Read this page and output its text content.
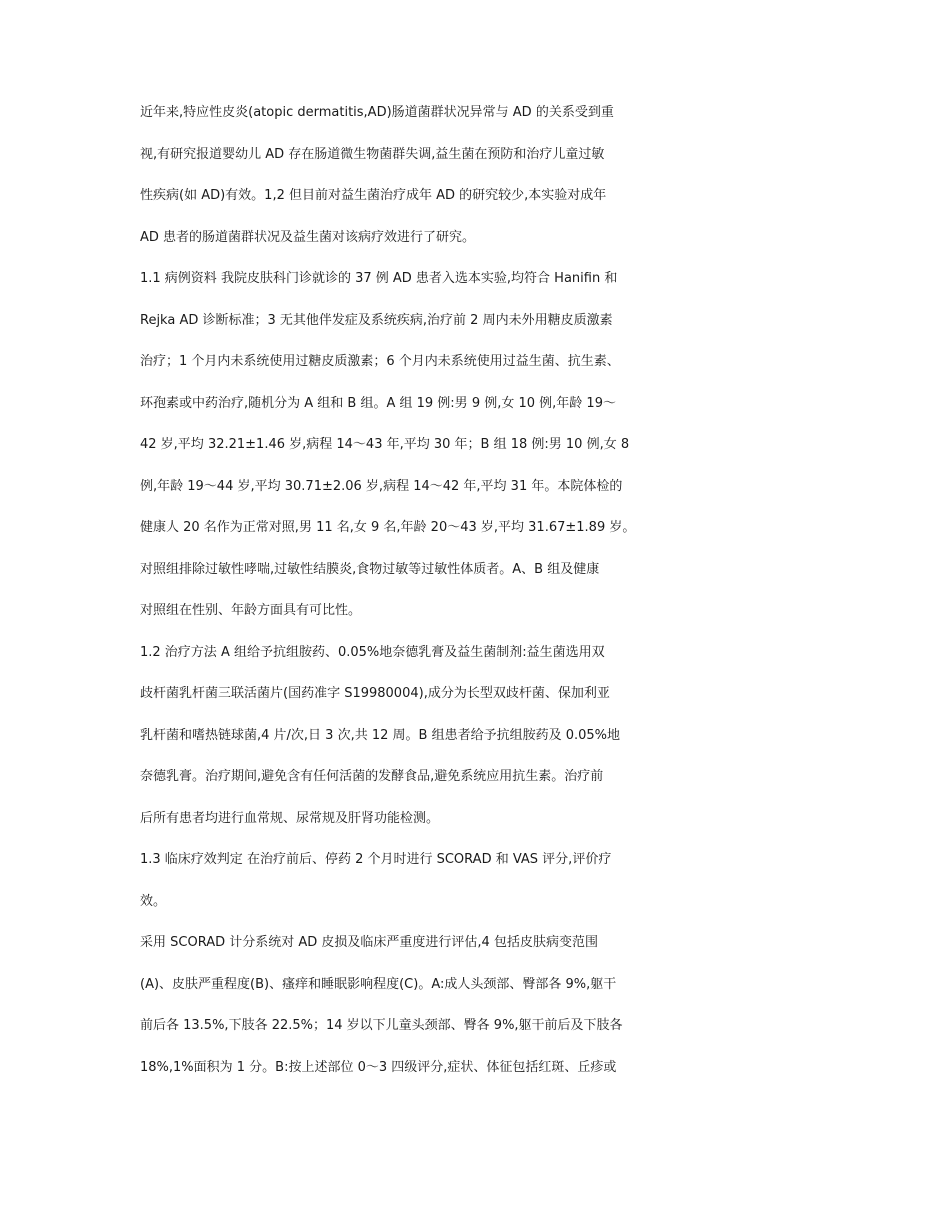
近年来,特应性皮炎(atopic dermatitis,AD)肠道菌群状况异常与 AD 的关系受到重
视,有研究报道婴幼儿 AD 存在肠道微生物菌群失调,益生菌在预防和治疗儿童过敏
性疾病(如 AD)有效。1,2 但目前对益生菌治疗成年 AD 的研究较少,本实验对成年
AD 患者的肠道菌群状况及益生菌对该病疗效进行了研究。
1.1 病例资料 我院皮肤科门诊就诊的 37 例 AD 患者入选本实验,均符合 Hanifin 和
Rejka AD 诊断标准；3 无其他伴发症及系统疾病,治疗前 2 周内未外用糖皮质激素
治疗；1 个月内未系统使用过糖皮质激素；6 个月内未系统使用过益生菌、抗生素、
环孢素或中药治疗,随机分为 A 组和 B 组。A 组 19 例:男 9 例,女 10 例,年龄 19～
42 岁,平均 32.21±1.46 岁,病程 14～43 年,平均 30 年；B 组 18 例:男 10 例,女 8
例,年龄 19～44 岁,平均 30.71±2.06 岁,病程 14～42 年,平均 31 年。本院体检的
健康人 20 名作为正常对照,男 11 名,女 9 名,年龄 20～43 岁,平均 31.67±1.89 岁。
对照组排除过敏性哮喘,过敏性结膜炎,食物过敏等过敏性体质者。A、B 组及健康
对照组在性别、年龄方面具有可比性。
1.2 治疗方法 A 组给予抗组胺药、0.05%地奈德乳膏及益生菌制剂:益生菌选用双
歧杆菌乳杆菌三联活菌片(国药准字 S19980004),成分为长型双歧杆菌、保加利亚
乳杆菌和嗜热链球菌,4 片/次,日 3 次,共 12 周。B 组患者给予抗组胺药及 0.05%地
奈德乳膏。治疗期间,避免含有任何活菌的发酵食品,避免系统应用抗生素。治疗前
后所有患者均进行血常规、尿常规及肝肾功能检测。
1.3 临床疗效判定 在治疗前后、停药 2 个月时进行 SCORAD 和 VAS 评分,评价疗
效。
采用 SCORAD 计分系统对 AD 皮损及临床严重度进行评估,4 包括皮肤病变范围
(A)、皮肤严重程度(B)、瘙痒和睡眠影响程度(C)。A:成人头颈部、臀部各 9%,躯干
前后各 13.5%,下肢各 22.5%；14 岁以下儿童头颈部、臀各 9%,躯干前后及下肢各
18%,1%面积为 1 分。B:按上述部位 0～3 四级评分,症状、体征包括红斑、丘疹或
